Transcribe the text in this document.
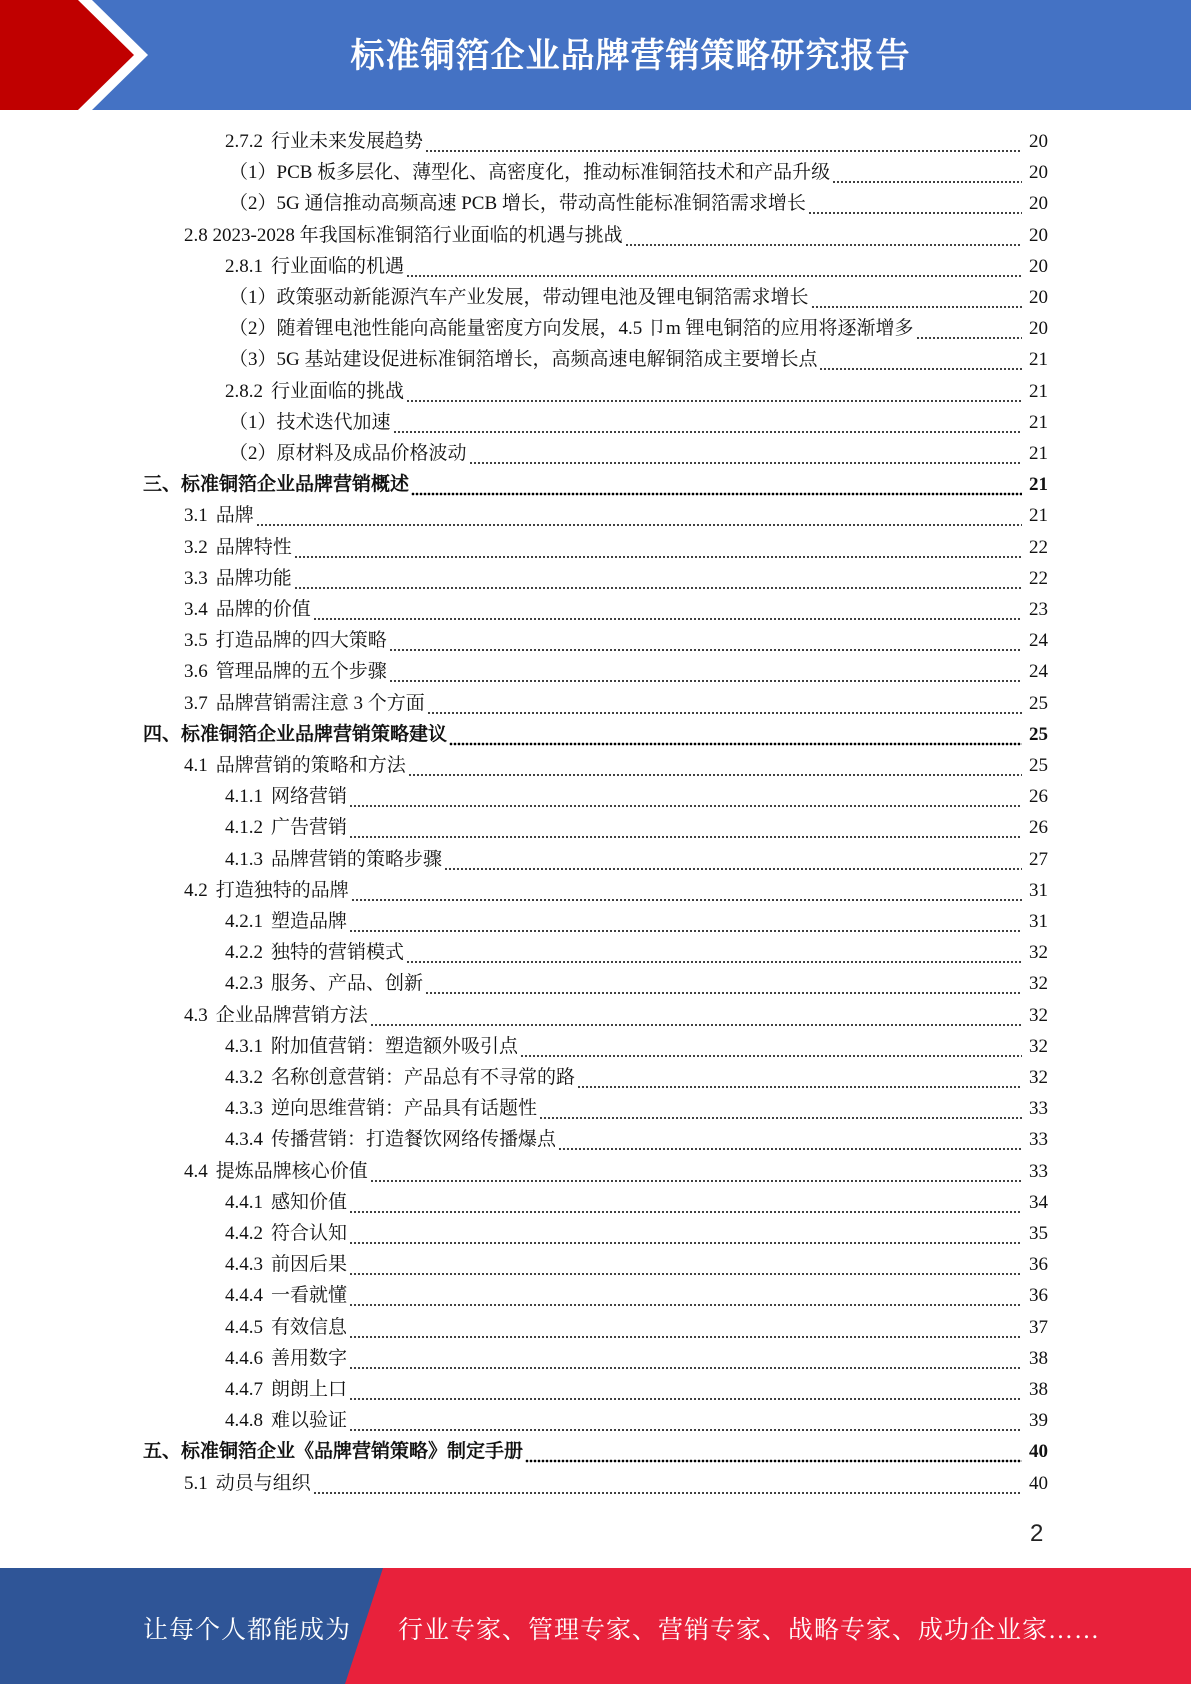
标准铜箔企业品牌营销策略研究报告
2.7.2 行业未来发展趋势	20
（1）PCB 板多层化、薄型化、高密度化，推动标准铜箔技术和产品升级	20
（2）5G 通信推动高频高速 PCB 增长，带动高性能标准铜箔需求增长	20
2.8 2023-2028 年我国标准铜箔行业面临的机遇与挑战	20
2.8.1 行业面临的机遇	20
（1）政策驱动新能源汽车产业发展，带动锂电池及锂电铜箔需求增长	20
（2）随着锂电池性能向高能量密度方向发展，4.5 卩m 锂电铜箔的应用将逐渐增多	20
（3）5G 基站建设促进标准铜箔增长，高频高速电解铜箔成主要增长点	21
2.8.2 行业面临的挑战	21
（1）技术迭代加速	21
（2）原材料及成品价格波动	21
三、标准铜箔企业品牌营销概述	21
3.1 品牌	21
3.2 品牌特性	22
3.3 品牌功能	22
3.4 品牌的价值	23
3.5 打造品牌的四大策略	24
3.6 管理品牌的五个步骤	24
3.7 品牌营销需注意 3 个方面	25
四、标准铜箔企业品牌营销策略建议	25
4.1 品牌营销的策略和方法	25
4.1.1 网络营销	26
4.1.2 广告营销	26
4.1.3 品牌营销的策略步骤	27
4.2 打造独特的品牌	31
4.2.1 塑造品牌	31
4.2.2 独特的营销模式	32
4.2.3 服务、产品、创新	32
4.3 企业品牌营销方法	32
4.3.1 附加值营销：塑造额外吸引点	32
4.3.2 名称创意营销：产品总有不寻常的路	32
4.3.3 逆向思维营销：产品具有话题性	33
4.3.4 传播营销：打造餐饮网络传播爆点	33
4.4 提炼品牌核心价值	33
4.4.1 感知价值	34
4.4.2 符合认知	35
4.4.3 前因后果	36
4.4.4 一看就懂	36
4.4.5 有效信息	37
4.4.6 善用数字	38
4.4.7 朗朗上口	38
4.4.8 难以验证	39
五、标准铜箔企业《品牌营销策略》制定手册	40
5.1 动员与组织	40
2
让每个人都能成为 行业专家、管理专家、营销专家、战略专家、成功企业家……
